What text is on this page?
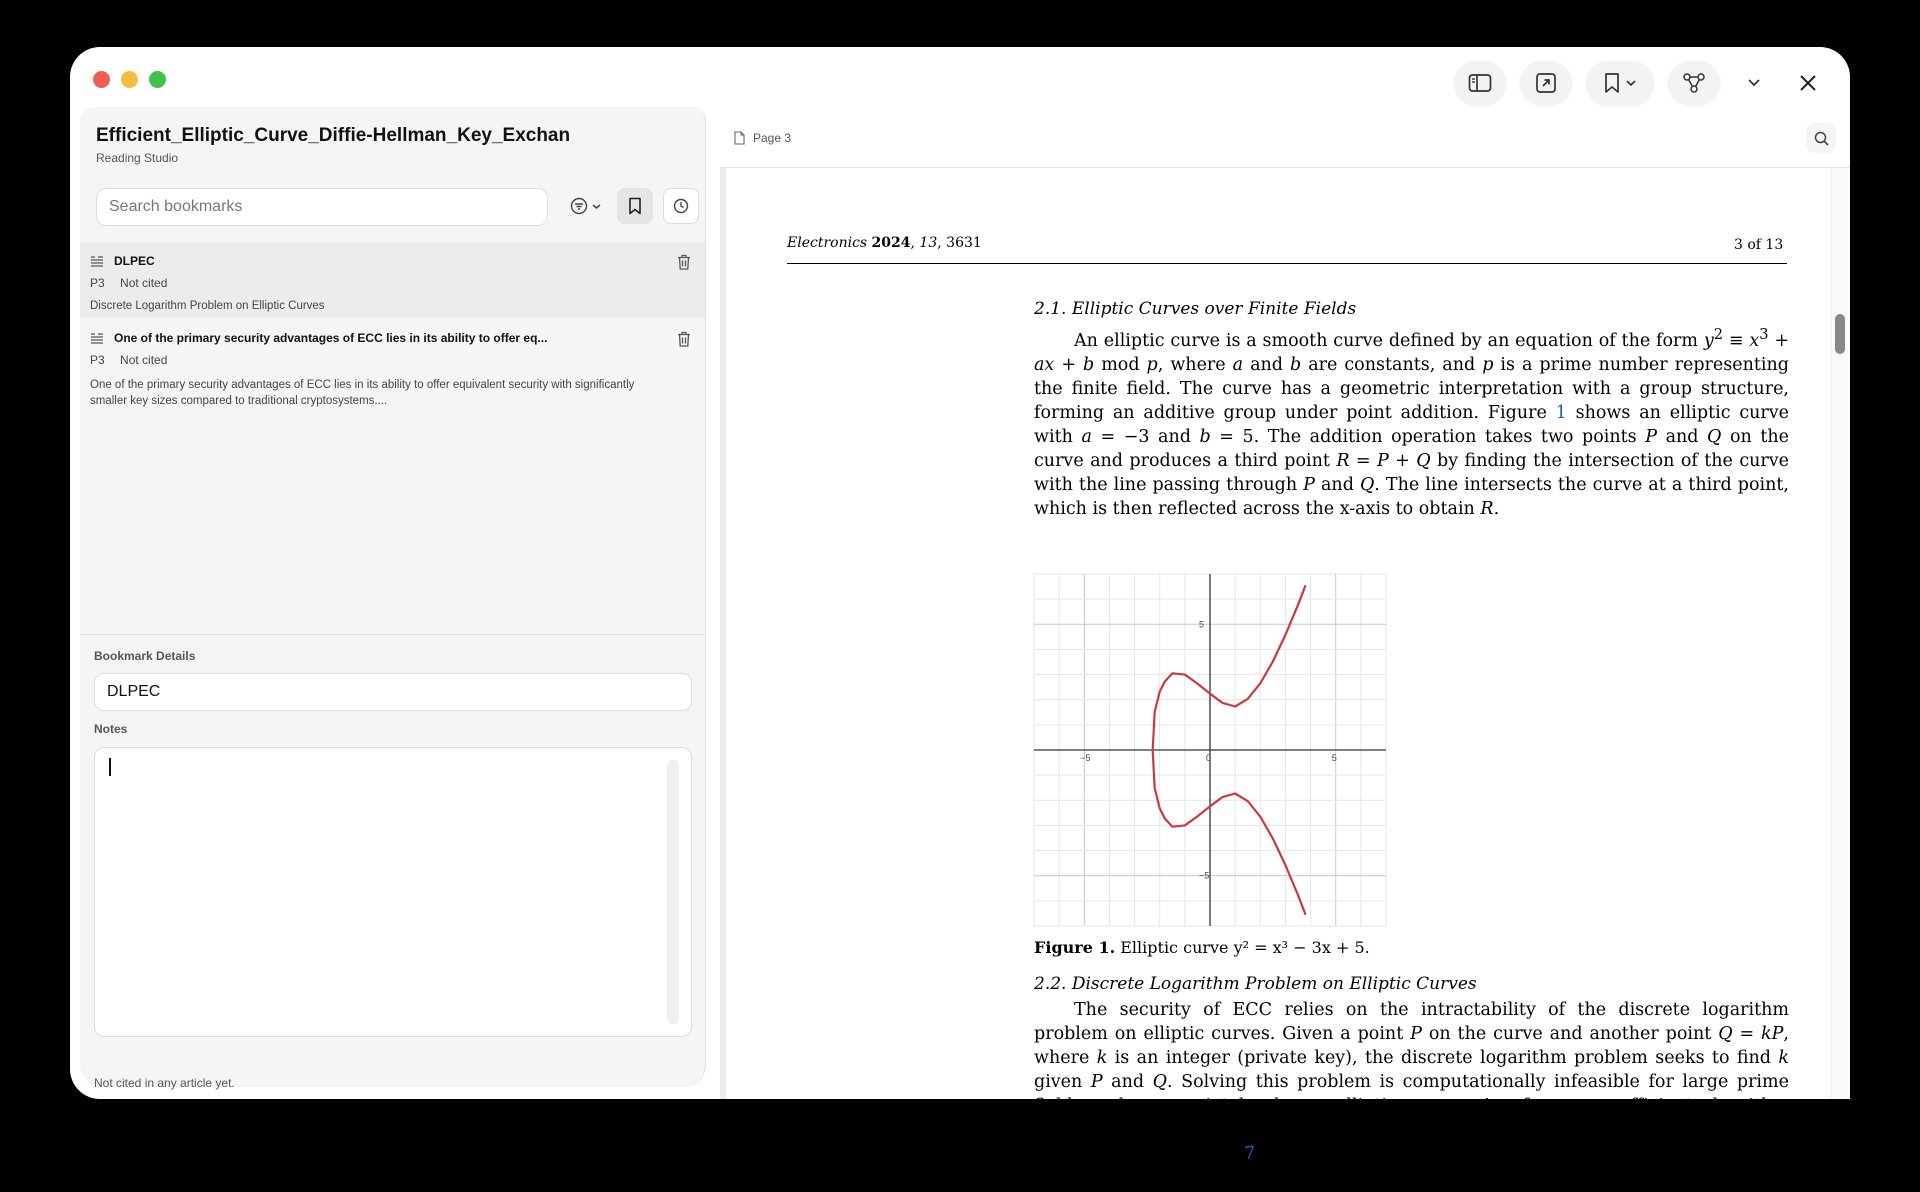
Efficient_Elliptic_Curve_Diffie-Hellman_Key_Exchan
Reading Studio
Search bookmarks
DLPEC
P3 Not cited
Discrete Logarithm Problem on Elliptic Curves
One of the primary security advantages of ECC lies in its ability to offer eq...
P3 Not cited
One of the primary security advantages of ECC lies in its ability to offer equivalent security with significantly smaller key sizes compared to traditional cryptosystems....
Bookmark Details
DLPEC
Notes
Not cited in any article yet.
Page 3
Electronics 2024, 13, 3631	3 of 13
2.1. Elliptic Curves over Finite Fields
An elliptic curve is a smooth curve defined by an equation of the form $y^2 \equiv x^3$ + ax + b mod p, where a and b are constants, and p is a prime number representing the finite field. The curve has a geometric interpretation with a group structure, forming an additive group under point addition. Figure 1 shows an elliptic curve with a = −3 and b = 5. The addition operation takes two points P and Q on the curve and produces a third point R = P + Q by finding the intersection of the curve with the line passing through P and Q. The line intersects the curve at a third point, which is then reflected across the x-axis to obtain R.
−5	0	5
5
−5
Figure 1. Elliptic curve y² = x³ − 3x + 5.
2.2. Discrete Logarithm Problem on Elliptic Curves
The security of ECC relies on the intractability of the discrete logarithm problem on elliptic curves. Given a point P on the curve and another point Q = kP, where k is an integer (private key), the discrete logarithm problem seeks to find k given P and Q. Solving this problem is computationally infeasible for large prime fields and appropriately chosen elliptic curves. As of now, no efficient algorithm exists to compute the discrete logarithm on elliptic curves, making ECC a robust cryptographic scheme [7]. ECC’s reliance on
